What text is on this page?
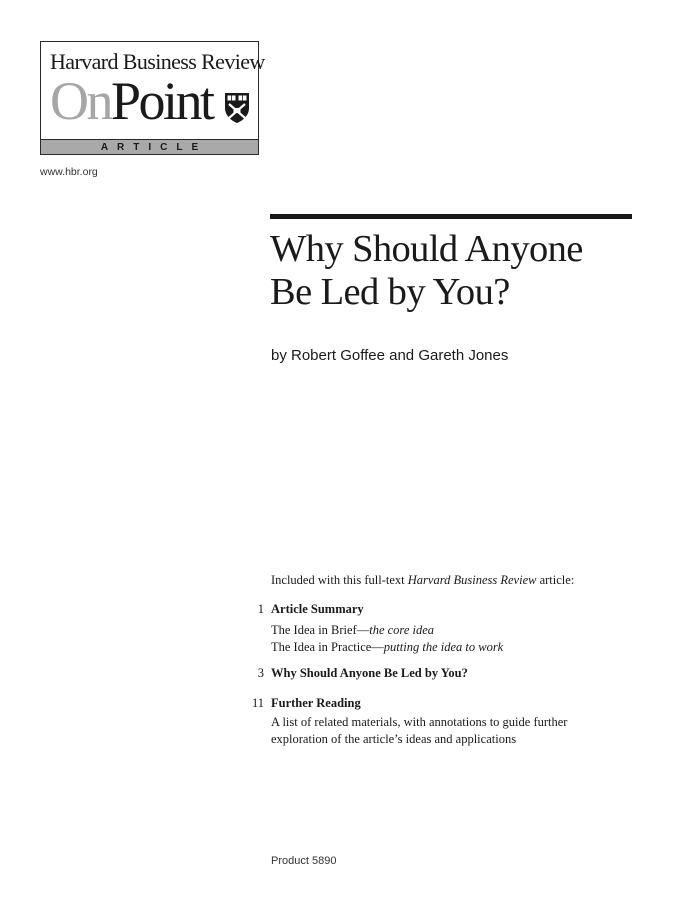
Harvard Business Review
OnPoint
ARTICLE
www.hbr.org
Why Should Anyone
Be Led by You?
by Robert Goffee and Gareth Jones
Included with this full-text Harvard Business Review article:
1 Article Summary
The Idea in Brief—the core idea
The Idea in Practice—putting the idea to work
3 Why Should Anyone Be Led by You?
11 Further Reading
A list of related materials, with annotations to guide further
exploration of the article’s ideas and applications
Product 5890
